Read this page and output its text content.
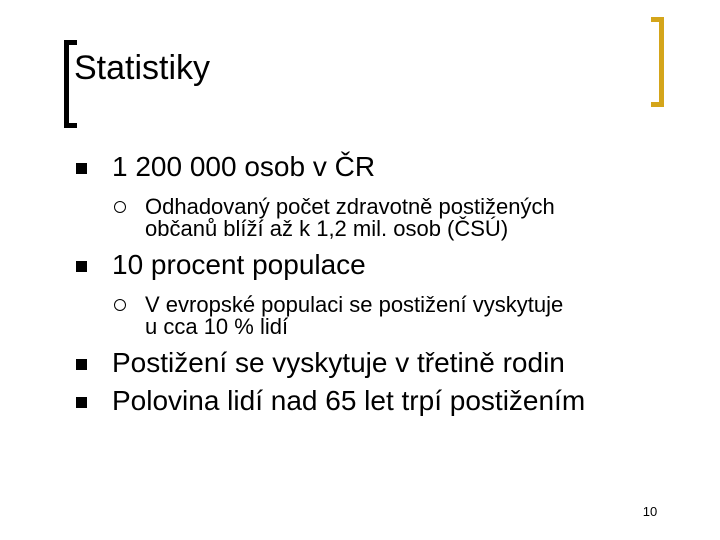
Statistiky
1 200 000 osob v ČR
Odhadovaný počet zdravotně postižených
občanů blíží až k 1,2 mil. osob (ČSÚ)
10 procent populace
V evropské populaci se postižení vyskytuje
u cca 10 % lidí
Postižení se vyskytuje v třetině rodin
Polovina lidí nad 65 let trpí postižením
10
